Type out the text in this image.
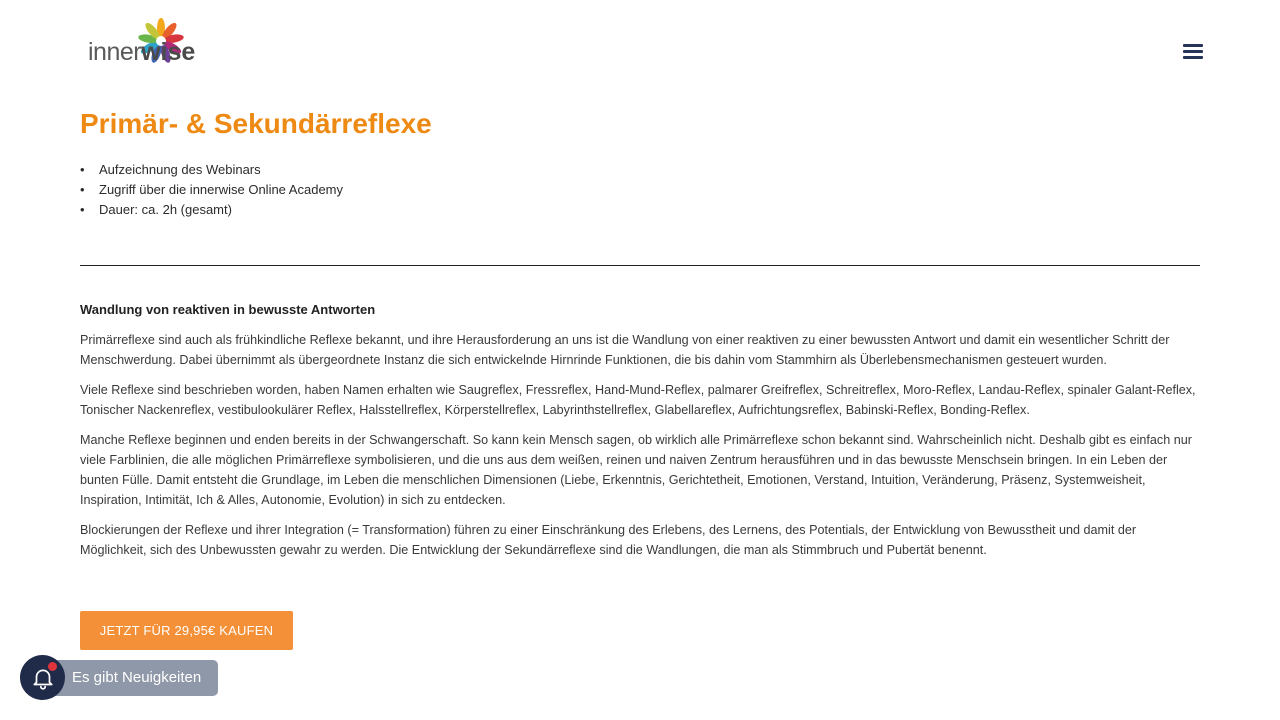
innerwise
Primär- & Sekundärreflexe
• Aufzeichnung des Webinars
• Zugriff über die innerwise Online Academy
• Dauer: ca. 2h (gesamt)
Wandlung von reaktiven in bewusste Antworten

Primärreflexe sind auch als frühkindliche Reflexe bekannt, und ihre Herausforderung an uns ist die Wandlung von einer reaktiven zu einer bewussten Antwort und damit ein wesentlicher Schritt der Menschwerdung. Dabei übernimmt als übergeordnete Instanz die sich entwickelnde Hirnrinde Funktionen, die bis dahin vom Stammhirn als Überlebensmechanismen gesteuert wurden.

Viele Reflexe sind beschrieben worden, haben Namen erhalten wie Saugreflex, Fressreflex, Hand-Mund-Reflex, palmarer Greifreflex, Schreitreflex, Moro-Reflex, Landau-Reflex, spinaler Galant-Reflex, Tonischer Nackenreflex, vestibulookulärer Reflex, Halsstellreflex, Körperstellreflex, Labyrinthstellreflex, Glabellareflex, Aufrichtungsreflex, Babinski-Reflex, Bonding-Reflex.

Manche Reflexe beginnen und enden bereits in der Schwangerschaft. So kann kein Mensch sagen, ob wirklich alle Primärreflexe schon bekannt sind. Wahrscheinlich nicht. Deshalb gibt es einfach nur viele Farblinien, die alle möglichen Primärreflexe symbolisieren, und die uns aus dem weißen, reinen und naiven Zentrum herausführen und in das bewusste Menschsein bringen. In ein Leben der bunten Fülle. Damit entsteht die Grundlage, im Leben die menschlichen Dimensionen (Liebe, Erkenntnis, Gerichtetheit, Emotionen, Verstand, Intuition, Veränderung, Präsenz, Systemweisheit, Inspiration, Intimität, Ich & Alles, Autonomie, Evolution) in sich zu entdecken.

Blockierungen der Reflexe und ihrer Integration (= Transformation) führen zu einer Einschränkung des Erlebens, des Lernens, des Potentials, der Entwicklung von Bewusstheit und damit der Möglichkeit, sich des Unbewussten gewahr zu werden. Die Entwicklung der Sekundärreflexe sind die Wandlungen, die man als Stimmbruch und Pubertät benennt.

JETZT FÜR 29,95€ KAUFEN
Es gibt Neuigkeiten
